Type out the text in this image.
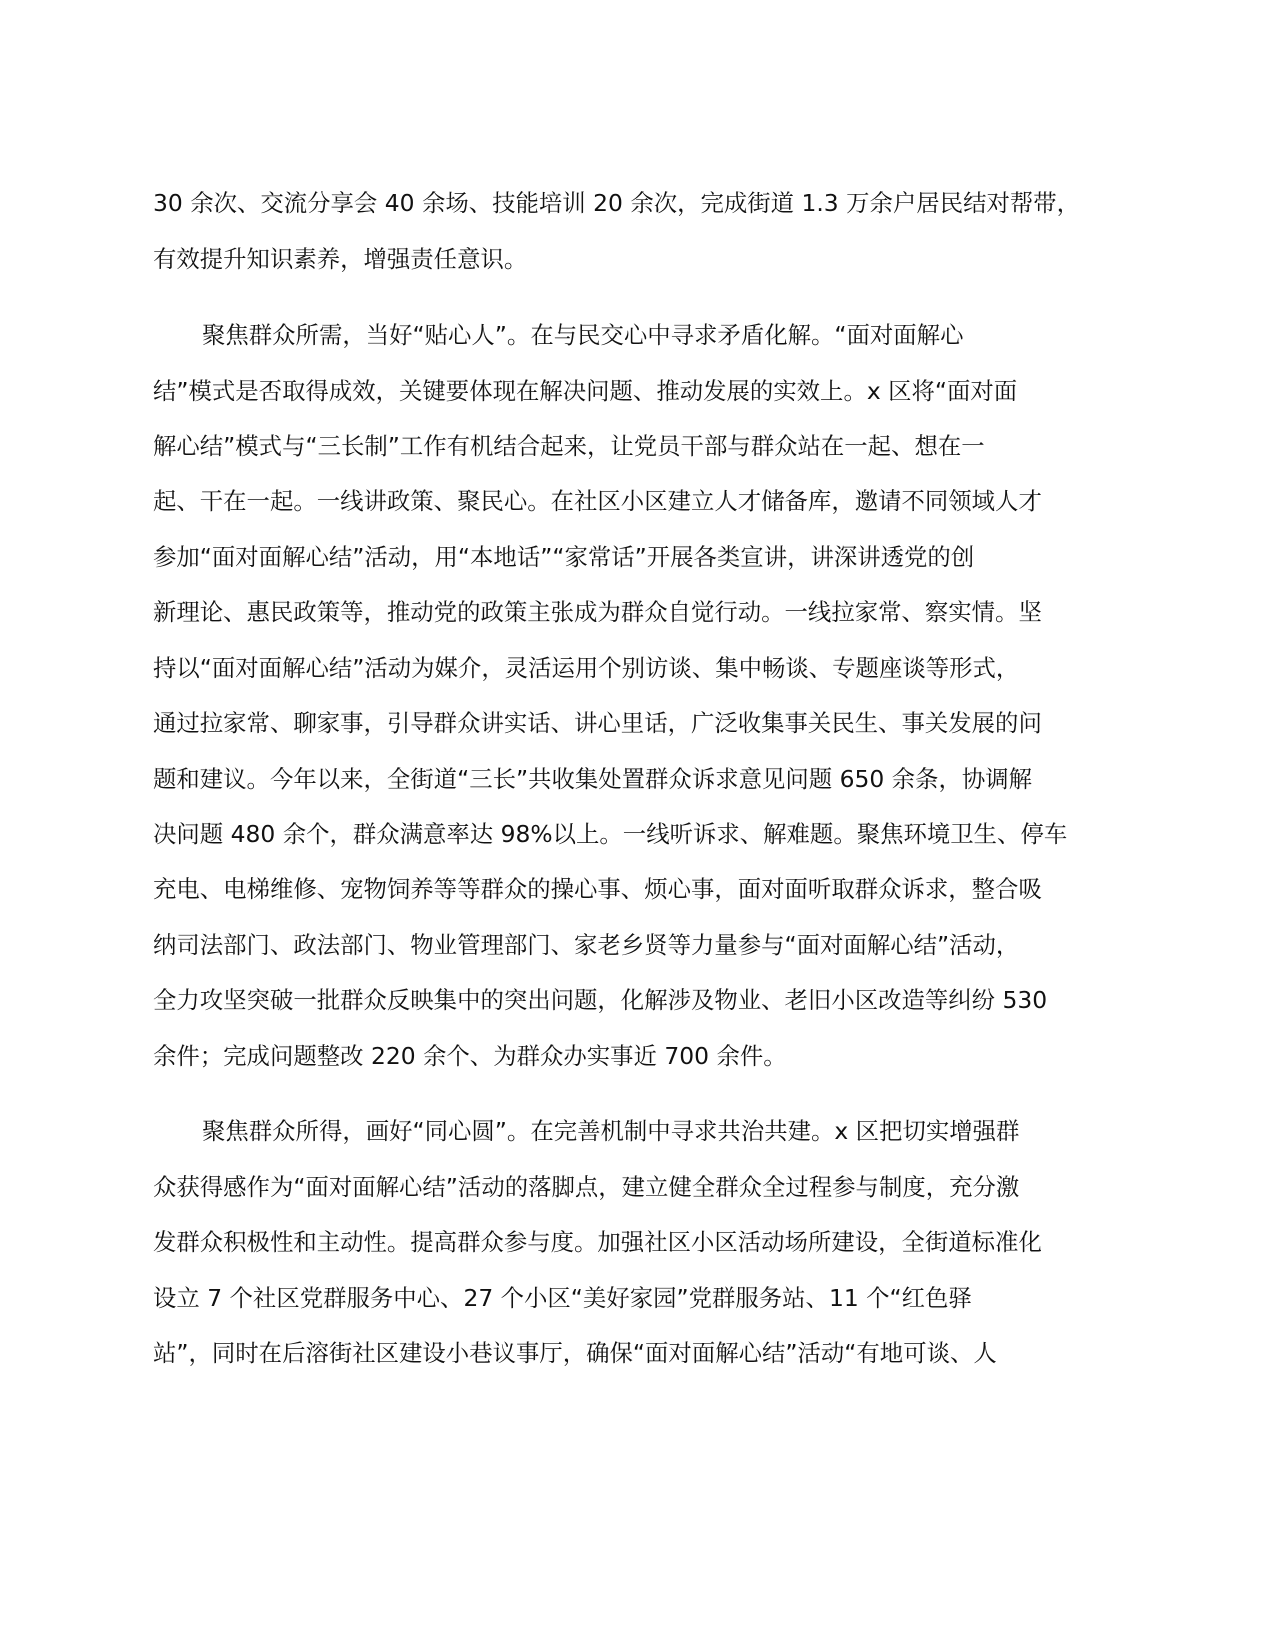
30 余次、交流分享会 40 余场、技能培训 20 余次，完成街道 1.3 万余户居民结对帮带，
有效提升知识素养，增强责任意识。
聚焦群众所需，当好“贴心人”。在与民交心中寻求矛盾化解。“面对面解心
结”模式是否取得成效，关键要体现在解决问题、推动发展的实效上。x 区将“面对面
解心结”模式与“三长制”工作有机结合起来，让党员干部与群众站在一起、想在一
起、干在一起。一线讲政策、聚民心。在社区小区建立人才储备库，邀请不同领域人才
参加“面对面解心结”活动，用“本地话”“家常话”开展各类宣讲，讲深讲透党的创
新理论、惠民政策等，推动党的政策主张成为群众自觉行动。一线拉家常、察实情。坚
持以“面对面解心结”活动为媒介，灵活运用个别访谈、集中畅谈、专题座谈等形式，
通过拉家常、聊家事，引导群众讲实话、讲心里话，广泛收集事关民生、事关发展的问
题和建议。今年以来，全街道“三长”共收集处置群众诉求意见问题 650 余条，协调解
决问题 480 余个，群众满意率达 98%以上。一线听诉求、解难题。聚焦环境卫生、停车
充电、电梯维修、宠物饲养等等群众的操心事、烦心事，面对面听取群众诉求，整合吸
纳司法部门、政法部门、物业管理部门、家老乡贤等力量参与“面对面解心结”活动，
全力攻坚突破一批群众反映集中的突出问题，化解涉及物业、老旧小区改造等纠纷 530
余件；完成问题整改 220 余个、为群众办实事近 700 余件。
聚焦群众所得，画好“同心圆”。在完善机制中寻求共治共建。x 区把切实增强群
众获得感作为“面对面解心结”活动的落脚点，建立健全群众全过程参与制度，充分激
发群众积极性和主动性。提高群众参与度。加强社区小区活动场所建设，全街道标准化
设立 7 个社区党群服务中心、27 个小区“美好家园”党群服务站、11 个“红色驿
站”，同时在后溶街社区建设小巷议事厅，确保“面对面解心结”活动“有地可谈、人
